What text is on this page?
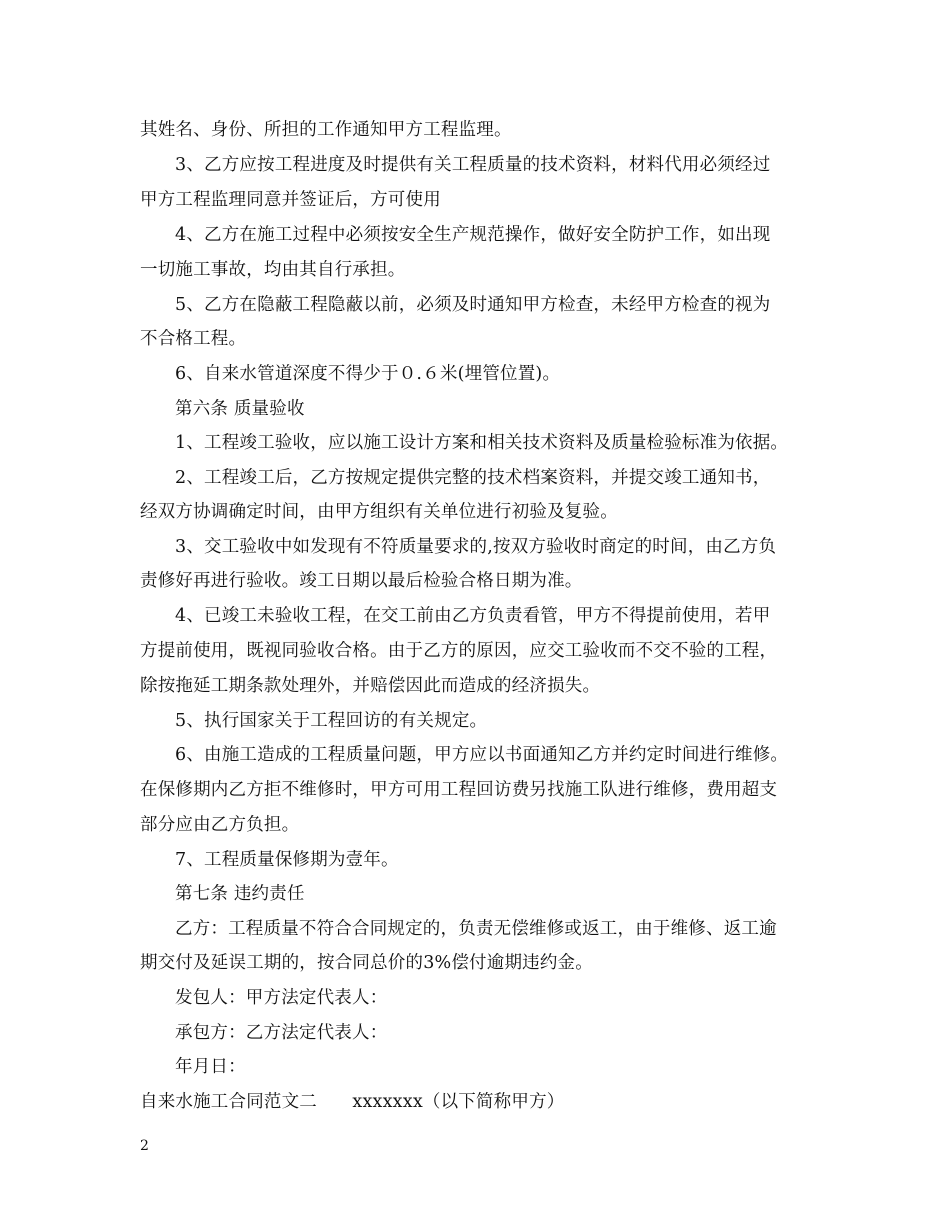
其姓名、身份、所担的工作通知甲方工程监理。
3、乙方应按工程进度及时提供有关工程质量的技术资料，材料代用必须经过
甲方工程监理同意并签证后，方可使用
4、乙方在施工过程中必须按安全生产规范操作，做好安全防护工作，如出现
一切施工事故，均由其自行承担。
5、乙方在隐蔽工程隐蔽以前，必须及时通知甲方检查，未经甲方检查的视为
不合格工程。
6、自来水管道深度不得少于０.６米(埋管位置)。
第六条 质量验收
1、工程竣工验收，应以施工设计方案和相关技术资料及质量检验标准为依据。
2、工程竣工后，乙方按规定提供完整的技术档案资料，并提交竣工通知书，
经双方协调确定时间，由甲方组织有关单位进行初验及复验。
3、交工验收中如发现有不符质量要求的,按双方验收时商定的时间，由乙方负
责修好再进行验收。竣工日期以最后检验合格日期为准。
4、已竣工未验收工程，在交工前由乙方负责看管，甲方不得提前使用，若甲
方提前使用，既视同验收合格。由于乙方的原因，应交工验收而不交不验的工程，
除按拖延工期条款处理外，并赔偿因此而造成的经济损失。
5、执行国家关于工程回访的有关规定。
6、由施工造成的工程质量问题，甲方应以书面通知乙方并约定时间进行维修。
在保修期内乙方拒不维修时，甲方可用工程回访费另找施工队进行维修，费用超支
部分应由乙方负担。
7、工程质量保修期为壹年。
第七条 违约责任
乙方：工程质量不符合合同规定的，负责无偿维修或返工，由于维修、返工逾
期交付及延误工期的，按合同总价的3%偿付逾期违约金。
发包人：甲方法定代表人：
承包方：乙方法定代表人：
年月日：
自来水施工合同范文二　　xxxxxxx（以下简称甲方）
2
